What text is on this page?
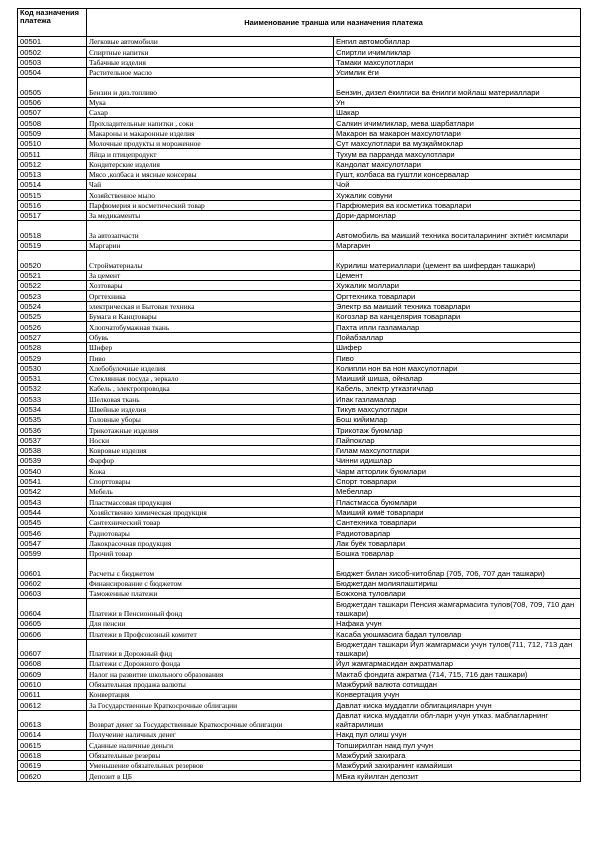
Код назначения платежа	Наименование транша или назначения платежа	
00501	Легковые автомобили	Енгил автомобиллар
00502	Спиртные напитки	Спиртли ичимликлар
00503	Табачные изделия	Тамаки махсулотлари
00504	Растительное масло	Усимлик ёги
00505	Бензин и диз.топливо	Бензин, дизел ёкилгиси ва ёнилги мойлаш материаллари
00506	Мука	Ун
00507	Сахар	Шакар
00508	Прохладительные напитки , соки	Салкин ичимликлар, мева шарбатлари
00509	Макароны и макаронные изделия	Макарон ва макарон махсулотлари
00510	Молочные продукты и мороженное	Сут махсулотлари ва музқаймоклар
00511	Яйца и птицепродукт	Тухум ва парранда махсулотлари
00512	Кондитерские изделия	Кандолат махсулотлари
00513	Мясо ,колбаса и мясные консервы	Гушт, колбаса ва гуштли консервалар
00514	Чай	Чой
00515	Хозяйственное мыло	Хужалик совуни
00516	Парфюмерия и косметический товар	Парфюмерия ва косметика товарлари
00517	За медикаменты	Дори-дармонлар
00518	За автозапчасти	Автомобиль ва маиший техника воситаларининг эхтиёт кисмлари
00519	Маргарин	Маргарин
00520	Стройматериалы	Курилиш материаллари (цемент ва шифердан ташкари)
00521	За цемент	Цемент
00522	Хозтовары	Хужалик моллари
00523	Оргтехника	Оргтехника товарлари
00524	электрическая и Бытовая техника	Электр ва маиший техника товарлари
00525	Бумага и Канцтовары	Когозлар ва канцелярия товарлари
00526	Хлопчатобумажная ткань	Пахта ипли газламалар
00527	Обувь	Пойабзаллар
00528	Шифер	Шифер
00529	Пиво	Пиво
00530	Хлебобулочные изделия	Колипли нон ва нон махсулотлари
00531	Стеклянная посуда , зеркало	Маиший шиша, ойналар
00532	Кабель , электропроводка	Кабель, электр утказгичлар
00533	Шелковая ткань	Ипак газламалар
00534	Швейные изделия	Тикув махсулотлари
00535	Головные уборы	Бош кийимлар
00536	Трикотажные изделия	Трикотаж буюмлар
00537	Носки	Пайпоклар
00538	Ковровые изделия	Гилам махсулотлари
00539	Фарфор	Чинни идишлар
00540	Кожа	Чарм атторлик буюмлари
00541	Спорттовары	Спорт товарлари
00542	Мебель	Мебеллар
00543	Пластмассовая продукция	Пластмасса буюмлари
00544	Хозяйственно химическая продукция	Маиший кимё товарлари
00545	Сантехнический товар	Сантехника товарлари
00546	Радиотовары	Радиотоварлар
00547	Лакокрасочная продукция	Лак буёк товарлари
00599	Прочий товар	Бошка товарлар
00601	Расчеты с бюджетом	Бюджет билан хисоб-китоблар (705, 706, 707 дан ташкари)
00602	Финансирование с бюджетом	Бюджетдан молиялаштириш
00603	Таможенные платежи	Божхона туловлари
00604	Платежи в Пенсионный фонд	Бюджетдан ташкари Пенсия жамгармасига тулов(708, 709, 710 дан ташкари)
00605	Для пенсии	Нафака учун
00606	Платежи в Профсоюзный комитет	Касаба уюшмасига бадал туловлар
00607	Платежи в Дорожный фнд	Бюджетдан ташкари Йул жамгармаси учун тулов(711, 712, 713 дан ташкари)
00608	Платежи с Дорожного фонда	Йул жамгармасидан ажратмалар
00609	Налог на развитие школьного образования	Мактаб фондига ажратма (714, 715, 716 дан ташкари)
00610	Обязательная продажа валюты	Мажбурий валюта сотишдан
00611	Конвертация	Конвертация учун
00612	За Государственные Краткосрочные облигации	Давлат киска муддатли облигацияларн учун
00613	Возврат денег за Государственные Краткосрочные облигации	Давлат киска муддатли обл-ларн учун утказ. маблагларнинг кайтарилиши
00614	Получение наличных денег	Накд пул олиш учун
00615	Сданные наличные деньги	Топширилган накд пул учун
00618	Обязательные резервы	Мажбурий захирага
00619	Уменьшение обязательных резервов	Мажбурий захиранинг камайиши
00620	Депозит в ЦБ	МБка куйилган депозит
